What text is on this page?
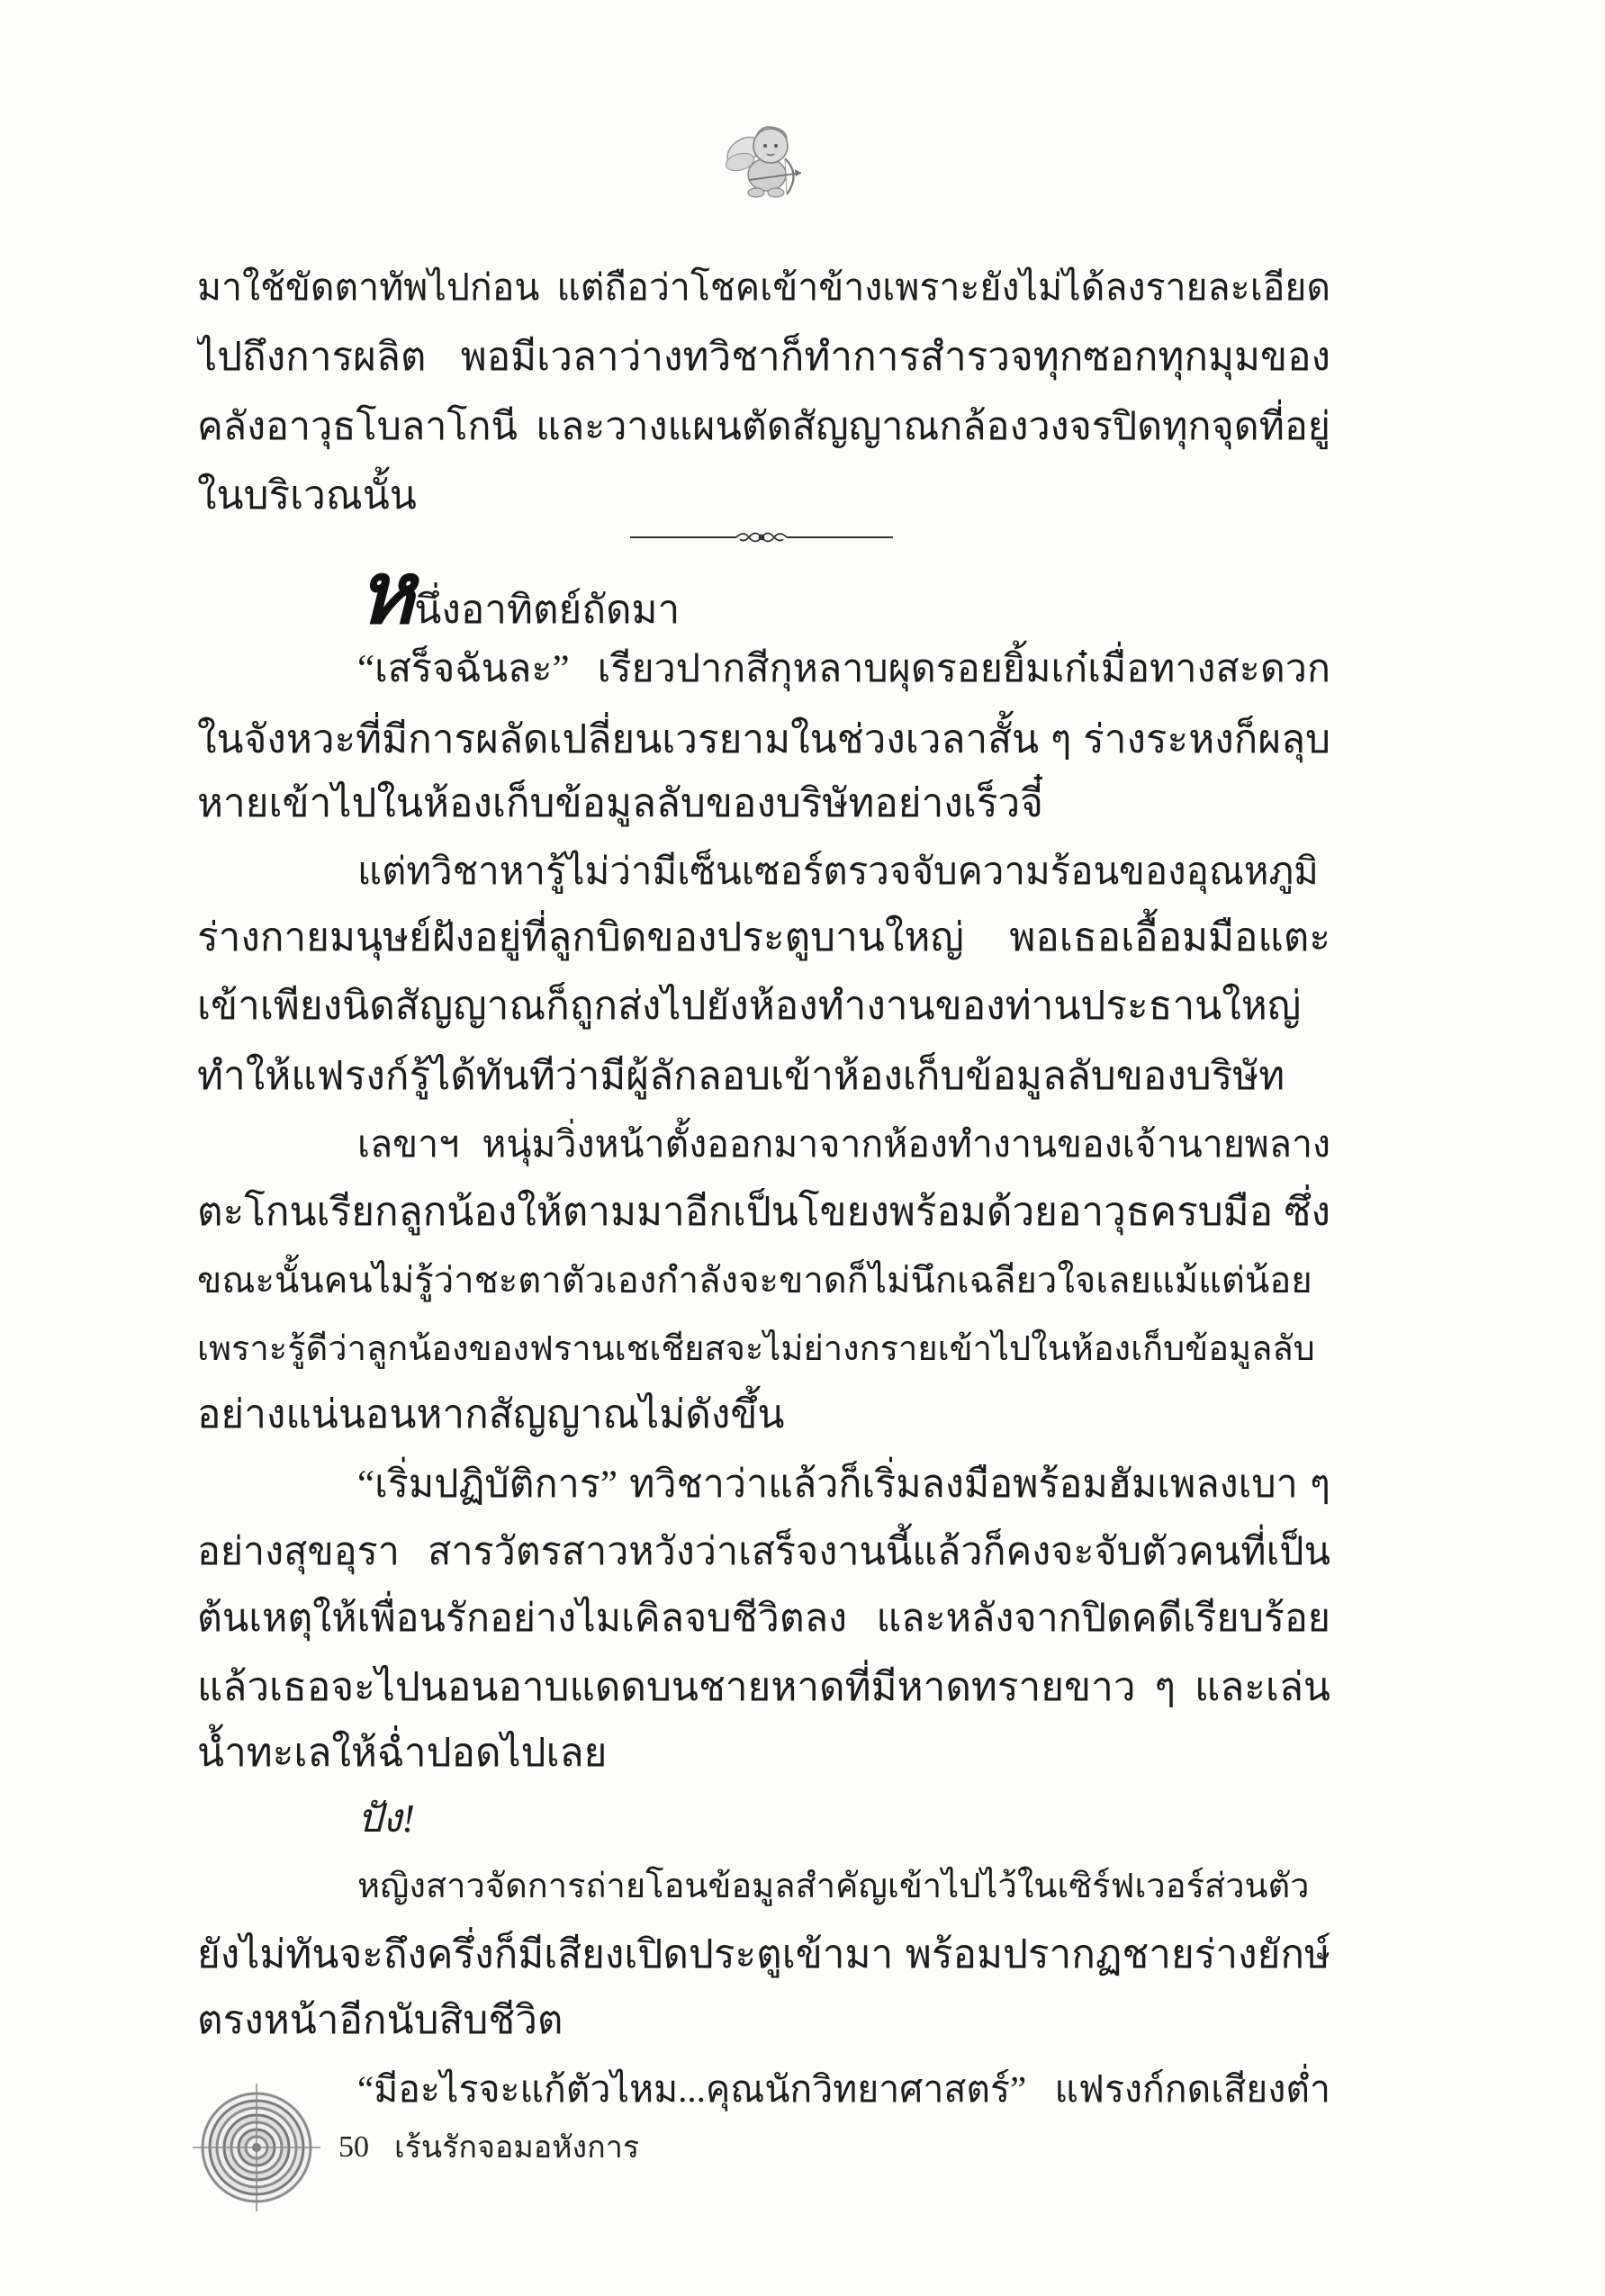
มาใช้ขัดตาทัพไปก่อน แต่ถือว่าโชคเข้าข้างเพราะยังไม่ได้ลงรายละเอียด
ไปถึงการผลิต พอมีเวลาว่างทวิชาก็ทำการสำรวจทุกซอกทุกมุมของ
คลังอาวุธโบลาโกนี และวางแผนตัดสัญญาณกล้องวงจรปิดทุกจุดที่อยู่
ในบริเวณนั้น
หนึ่งอาทิตย์ถัดมา
“เสร็จฉันละ” เรียวปากสีกุหลาบผุดรอยยิ้มเก๋เมื่อทางสะดวก
ในจังหวะที่มีการผลัดเปลี่ยนเวรยามในช่วงเวลาสั้น ๆ ร่างระหงก็ผลุบ
หายเข้าไปในห้องเก็บข้อมูลลับของบริษัทอย่างเร็วจี๋
แต่ทวิชาหารู้ไม่ว่ามีเซ็นเซอร์ตรวจจับความร้อนของอุณหภูมิ
ร่างกายมนุษย์ฝังอยู่ที่ลูกบิดของประตูบานใหญ่ พอเธอเอื้อมมือแตะ
เข้าเพียงนิดสัญญาณก็ถูกส่งไปยังห้องทำงานของท่านประธานใหญ่
ทำให้แฟรงก์รู้ได้ทันทีว่ามีผู้ลักลอบเข้าห้องเก็บข้อมูลลับของบริษัท
เลขาฯ หนุ่มวิ่งหน้าตั้งออกมาจากห้องทำงานของเจ้านายพลาง
ตะโกนเรียกลูกน้องให้ตามมาอีกเป็นโขยงพร้อมด้วยอาวุธครบมือ ซึ่ง
ขณะนั้นคนไม่รู้ว่าชะตาตัวเองกำลังจะขาดก็ไม่นึกเฉลียวใจเลยแม้แต่น้อย
เพราะรู้ดีว่าลูกน้องของฟรานเชเชียสจะไม่ย่างกรายเข้าไปในห้องเก็บข้อมูลลับ
อย่างแน่นอนหากสัญญาณไม่ดังขึ้น
“เริ่มปฏิบัติการ” ทวิชาว่าแล้วก็เริ่มลงมือพร้อมฮัมเพลงเบา ๆ
อย่างสุขอุรา สารวัตรสาวหวังว่าเสร็จงานนี้แล้วก็คงจะจับตัวคนที่เป็น
ต้นเหตุให้เพื่อนรักอย่างไมเคิลจบชีวิตลง และหลังจากปิดคดีเรียบร้อย
แล้วเธอจะไปนอนอาบแดดบนชายหาดที่มีหาดทรายขาว ๆ และเล่น
น้ำทะเลให้ฉ่ำปอดไปเลย
ปัง!
หญิงสาวจัดการถ่ายโอนข้อมูลสำคัญเข้าไปไว้ในเซิร์ฟเวอร์ส่วนตัว
ยังไม่ทันจะถึงครึ่งก็มีเสียงเปิดประตูเข้ามา พร้อมปรากฏชายร่างยักษ์
ตรงหน้าอีกนับสิบชีวิต
“มีอะไรจะแก้ตัวไหม...คุณนักวิทยาศาสตร์” แฟรงก์กดเสียงต่ำ
50 เร้นรักจอมอหังการ
